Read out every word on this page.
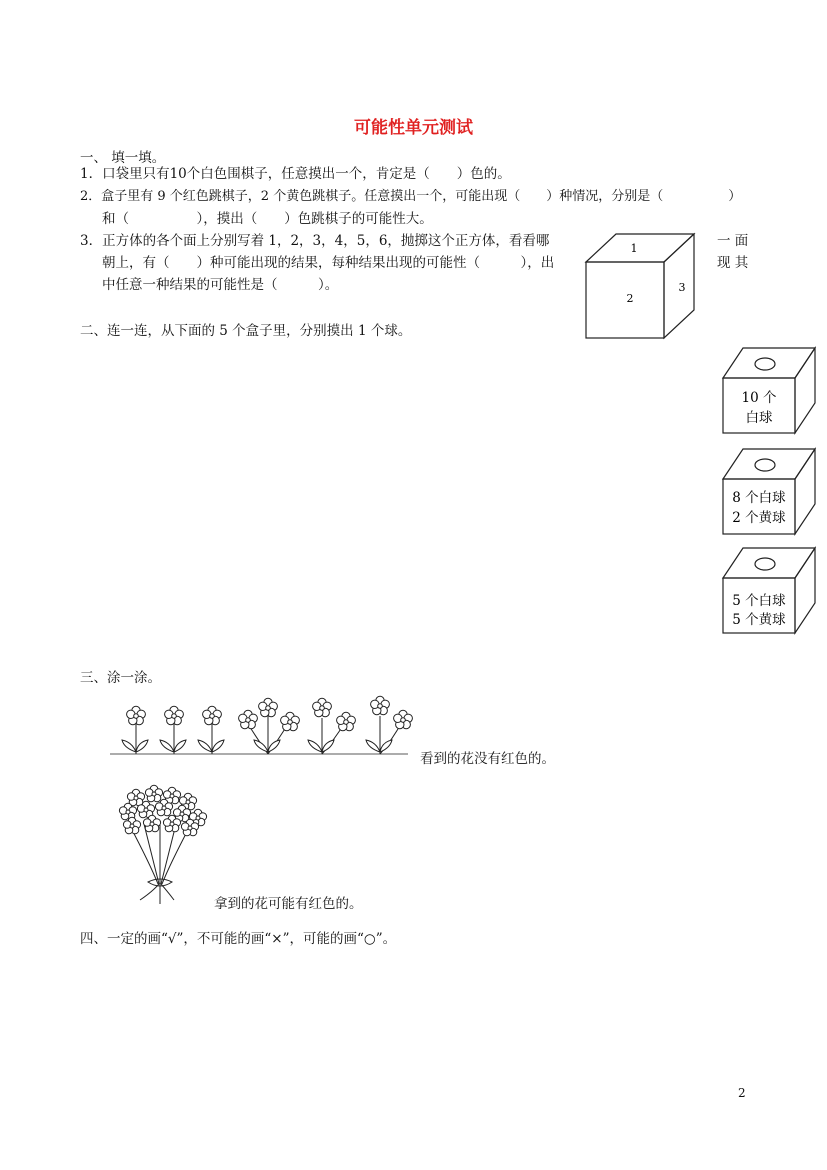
可能性单元测试
一、 填一填。
1．口袋里只有10个白色围棋子，任意摸出一个，肯定是（　　）色的。
2．盒子里有 9 个红色跳棋子，2 个黄色跳棋子。任意摸出一个，可能出现（　　）种情况，分别是（　　　　　）
和（　　　　　），摸出（　　）色跳棋子的可能性大。
3．正方体的各个面上分别写着 1，2，3，4，5，6，抛掷这个正方体，看看哪	一 面
朝上，有（　　）种可能出现的结果，每种结果出现的可能性（　　　），出	现 其
中任意一种结果的可能性是（　　　）。
1
2
3
二、连一连，从下面的 5 个盒子里，分别摸出 1 个球。
10 个
白球
8 个白球
2 个黄球
5 个白球
5 个黄球
三、涂一涂。
看到的花没有红色的。
拿到的花可能有红色的。
四、一定的画“√”，不可能的画“×”，可能的画“○”。
2
